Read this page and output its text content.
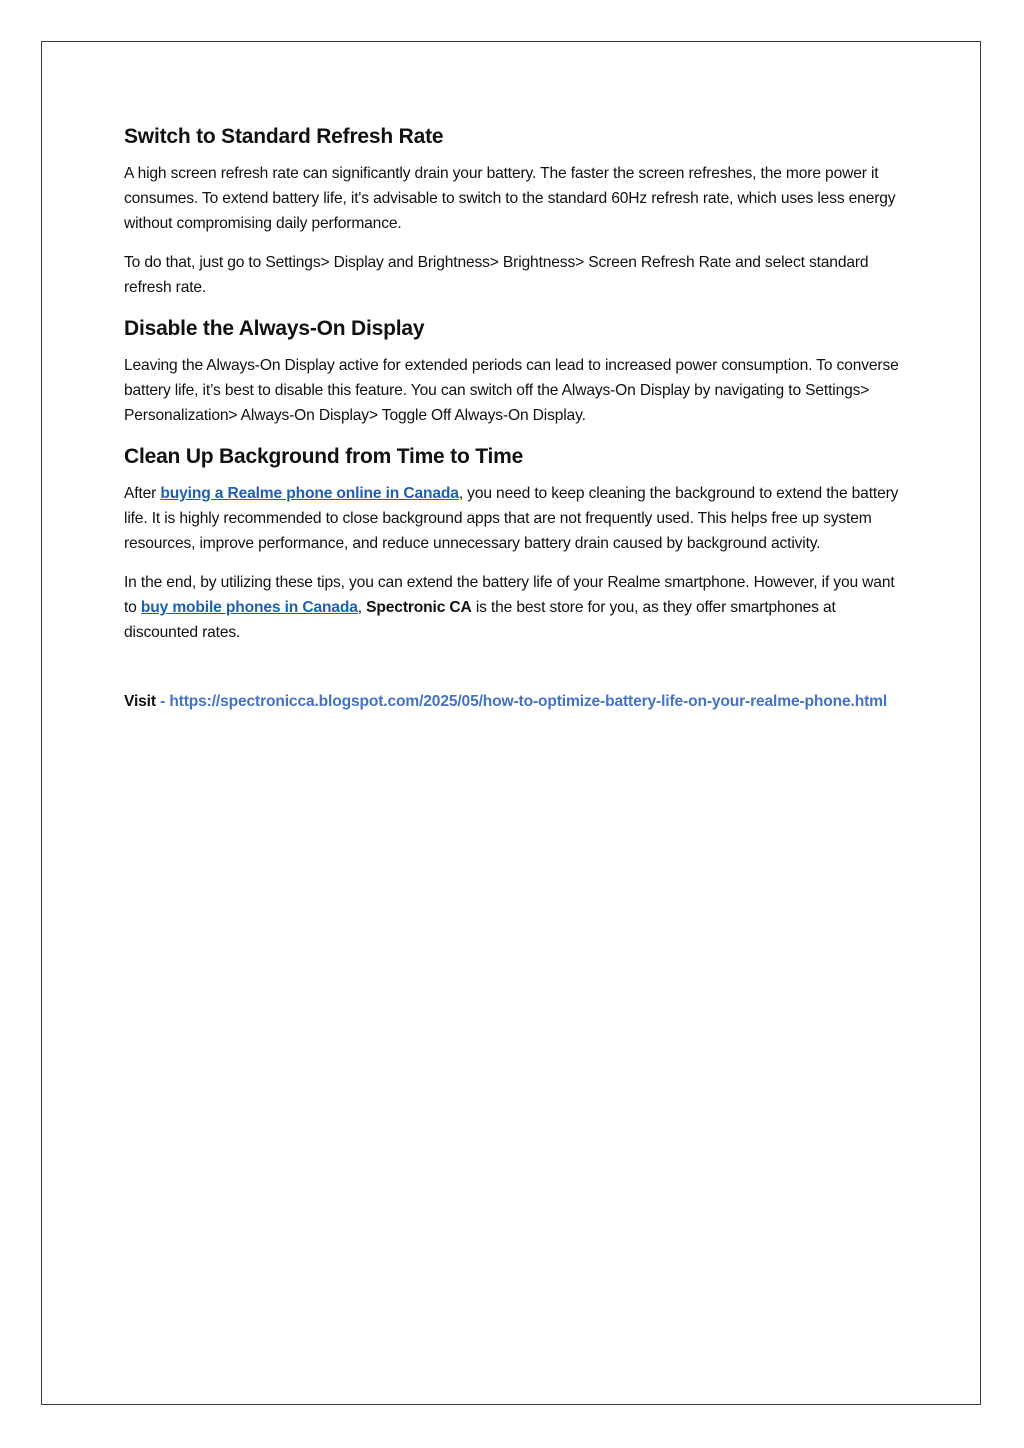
Switch to Standard Refresh Rate

A high screen refresh rate can significantly drain your battery. The faster the screen refreshes, the more power it consumes. To extend battery life, it's advisable to switch to the standard 60Hz refresh rate, which uses less energy without compromising daily performance.

To do that, just go to Settings> Display and Brightness> Brightness> Screen Refresh Rate and select standard refresh rate.

Disable the Always-On Display

Leaving the Always-On Display active for extended periods can lead to increased power consumption. To converse battery life, it’s best to disable this feature. You can switch off the Always-On Display by navigating to Settings> Personalization> Always-On Display> Toggle Off Always-On Display.

Clean Up Background from Time to Time

After buying a Realme phone online in Canada, you need to keep cleaning the background to extend the battery life. It is highly recommended to close background apps that are not frequently used. This helps free up system resources, improve performance, and reduce unnecessary battery drain caused by background activity.

In the end, by utilizing these tips, you can extend the battery life of your Realme smartphone. However, if you want to buy mobile phones in Canada, Spectronic CA is the best store for you, as they offer smartphones at discounted rates.

Visit - https://spectronicca.blogspot.com/2025/05/how-to-optimize-battery-life-on-your-realme-phone.html
